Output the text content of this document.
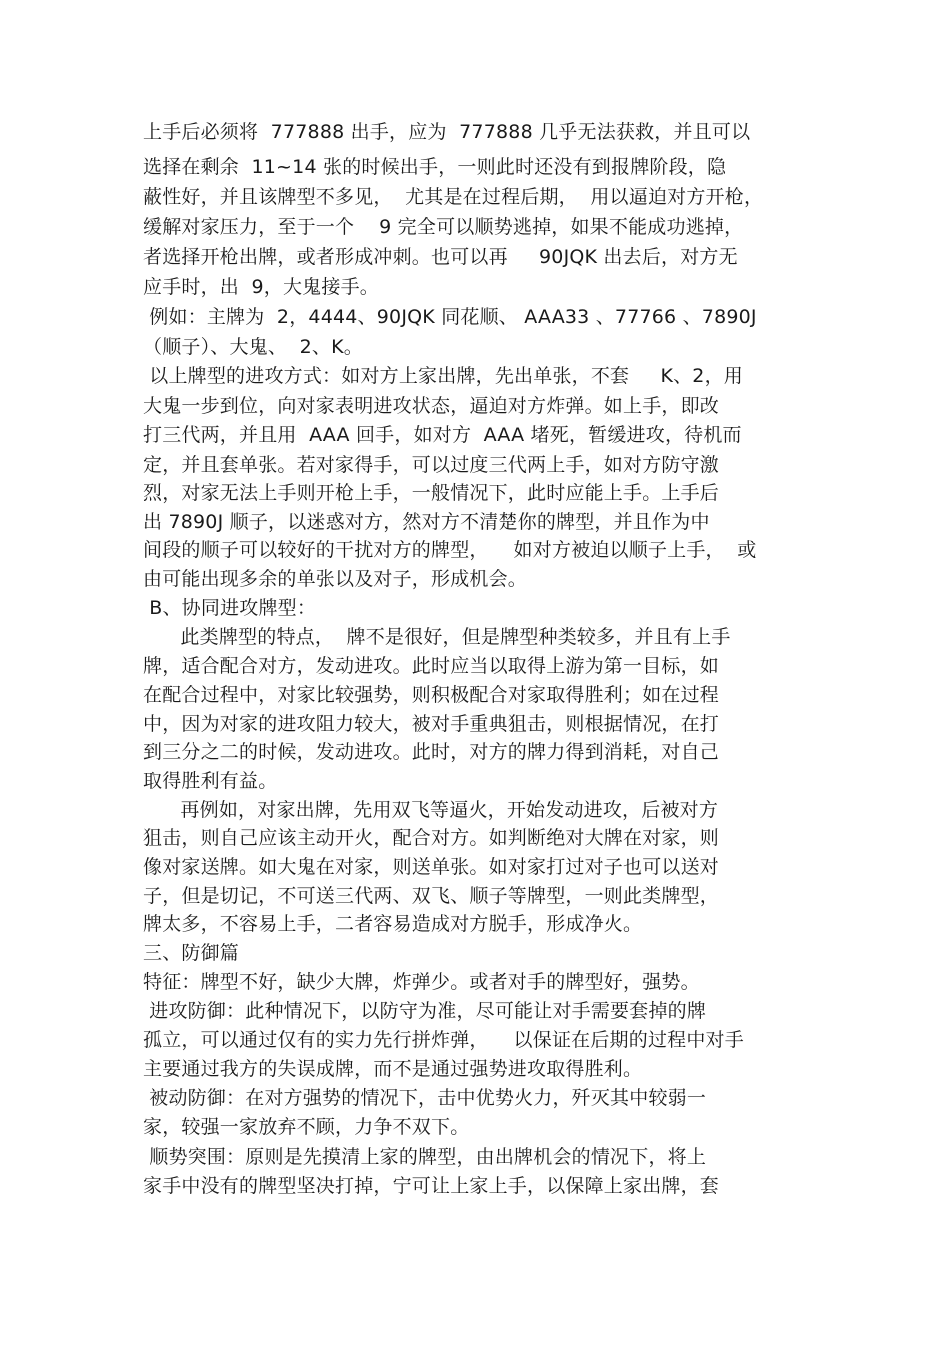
上手后必须将  777888 出手，应为  777888 几乎无法获救，并且可以
选择在剩余  11~14 张的时候出手，一则此时还没有到报牌阶段，隐
蔽性好，并且该牌型不多见，  尤其是在过程后期，  用以逼迫对方开枪，
缓解对家压力，至于一个    9 完全可以顺势逃掉，如果不能成功逃掉，
者选择开枪出牌，或者形成冲刺。也可以再     90JQK 出去后，对方无
应手时，出  9，大鬼接手。
例如：主牌为  2，4444、90JQK 同花顺、 AAA33 、77766 、7890J
（顺子）、大鬼、  2、K。
以上牌型的进攻方式：如对方上家出牌，先出单张，不套     K、2，用
大鬼一步到位，向对家表明进攻状态，逼迫对方炸弹。如上手，即改
打三代两，并且用  AAA 回手，如对方  AAA 堵死，暂缓进攻，待机而
定，并且套单张。若对家得手，可以过度三代两上手，如对方防守激
烈，对家无法上手则开枪上手，一般情况下，此时应能上手。上手后
出 7890J 顺子，以迷惑对方，然对方不清楚你的牌型，并且作为中
间段的顺子可以较好的干扰对方的牌型，    如对方被迫以顺子上手，  或
由可能出现多余的单张以及对子，形成机会。
B、协同进攻牌型：
此类牌型的特点，  牌不是很好，但是牌型种类较多，并且有上手
牌，适合配合对方，发动进攻。此时应当以取得上游为第一目标，如
在配合过程中，对家比较强势，则积极配合对家取得胜利；如在过程
中，因为对家的进攻阻力较大，被对手重典狙击，则根据情况，在打
到三分之二的时候，发动进攻。此时，对方的牌力得到消耗，对自己
取得胜利有益。
再例如，对家出牌，先用双飞等逼火，开始发动进攻，后被对方
狙击，则自己应该主动开火，配合对方。如判断绝对大牌在对家，则
像对家送牌。如大鬼在对家，则送单张。如对家打过对子也可以送对
子，但是切记，不可送三代两、双飞、顺子等牌型，一则此类牌型，
牌太多，不容易上手，二者容易造成对方脱手，形成净火。
三、防御篇
特征：牌型不好，缺少大牌，炸弹少。或者对手的牌型好，强势。
进攻防御：此种情况下，以防守为准，尽可能让对手需要套掉的牌
孤立，可以通过仅有的实力先行拼炸弹，    以保证在后期的过程中对手
主要通过我方的失误成牌，而不是通过强势进攻取得胜利。
被动防御：在对方强势的情况下，击中优势火力，歼灭其中较弱一
家，较强一家放弃不顾，力争不双下。
顺势突围：原则是先摸清上家的牌型，由出牌机会的情况下，将上
家手中没有的牌型坚决打掉，宁可让上家上手，以保障上家出牌，套
